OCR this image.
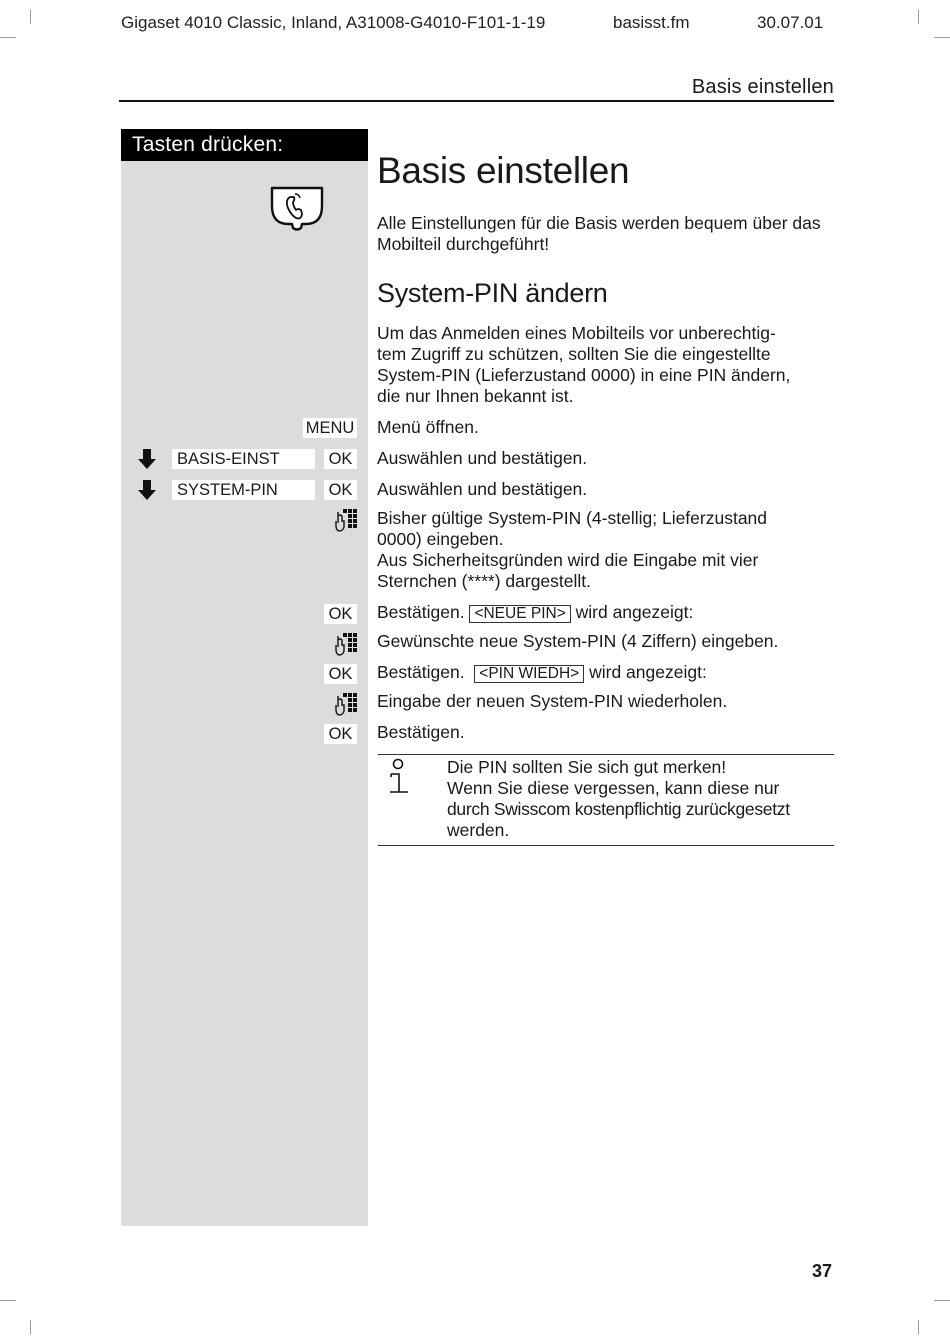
Gigaset 4010 Classic, Inland, A31008-G4010-F101-1-19	basisst.fm	30.07.01
Basis einstellen
Tasten drücken:
Basis einstellen
Alle Einstellungen für die Basis werden bequem über das Mobilteil durchgeführt!
System-PIN ändern
Um das Anmelden eines Mobilteils vor unberechtig-
tem Zugriff zu schützen, sollten Sie die eingestellte
System-PIN (Lieferzustand 0000) in eine PIN ändern,
die nur Ihnen bekannt ist.
MENU Menü öffnen.
BASIS-EINST	OK Auswählen und bestätigen.
SYSTEM-PIN	OK Auswählen und bestätigen.
Bisher gültige System-PIN (4-stellig; Lieferzustand
0000) eingeben.
Aus Sicherheitsgründen wird die Eingabe mit vier
Sternchen (****) dargestellt.
OK Bestätigen. <NEUE PIN> wird angezeigt:
Gewünschte neue System-PIN (4 Ziffern) eingeben.
OK Bestätigen. <PIN WIEDH> wird angezeigt:
Eingabe der neuen System-PIN wiederholen.
OK Bestätigen.
Die PIN sollten Sie sich gut merken!
Wenn Sie diese vergessen, kann diese nur
durch Swisscom kostenpflichtig zurückgesetzt
werden.
37
